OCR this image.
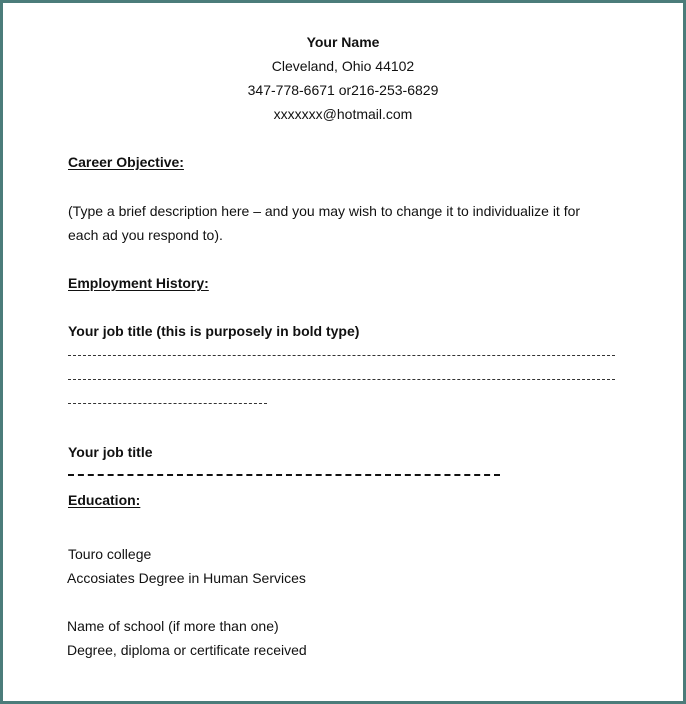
Your Name
Cleveland, Ohio 44102
347-778-6671 or216-253-6829
xxxxxxx@hotmail.com
Career Objective:
(Type a brief description here – and you may wish to change it to individualize it for
each ad you respond to).
Employment History:
Your job title (this is purposely in bold type)
Your job title
Education:
Touro college
Accosiates Degree in Human Services
Name of school (if more than one)
Degree, diploma or certificate received
